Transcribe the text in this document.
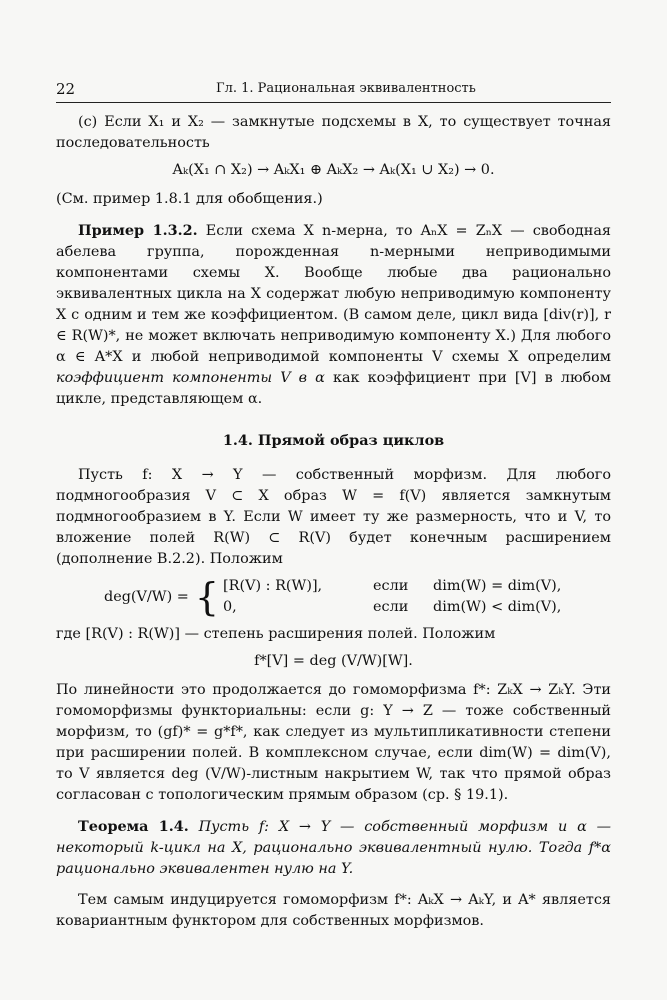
22	Гл. 1. Рациональная эквивалентность

(с) Если X₁ и X₂ — замкнутые подсхемы в X, то существует точная последовательность

Aₖ(X₁ ∩ X₂) → AₖX₁ ⊕ AₖX₂ → Aₖ(X₁ ∪ X₂) → 0.

(См. пример 1.8.1 для обобщения.)

Пример 1.3.2. Если схема X n-мерна, то AₙX = ZₙX — свободная абелева группа, порожденная n-мерными неприводимыми компонентами схемы X. Вообще любые два рационально эквивалентных цикла на X содержат любую неприводимую компоненту X с одним и тем же коэффициентом. (В самом деле, цикл вида [div(r)], r ∈ R(W)*, не может включать неприводимую компоненту X.) Для любого α ∈ A*X и любой неприводимой компоненты V схемы X определим коэффициент компоненты V в α как коэффициент при [V] в любом цикле, представляющем α.

1.4. Прямой образ циклов

Пусть f: X → Y — собственный морфизм. Для любого подмногообразия V ⊂ X образ W = f(V) является замкнутым подмногообразием в Y. Если W имеет ту же размерность, что и V, то вложение полей R(W) ⊂ R(V) будет конечным расширением (дополнение В.2.2). Положим

deg(V/W) = { [R(V) : R(W)],	если	dim(W) = dim(V),
0,	если	dim(W) < dim(V),

где [R(V) : R(W)] — степень расширения полей. Положим

f*[V] = deg (V/W)[W].

По линейности это продолжается до гомоморфизма f*: ZₖX → ZₖY. Эти гомоморфизмы функториальны: если g: Y → Z — тоже собственный морфизм, то (gf)* = g*f*, как следует из мультипликативности степени при расширении полей. В комплексном случае, если dim(W) = dim(V), то V является deg (V/W)-листным накрытием W, так что прямой образ согласован с топологическим прямым образом (ср. § 19.1).

Теорема 1.4. Пусть f: X → Y — собственный морфизм и α — некоторый k-цикл на X, рационально эквивалентный нулю. Тогда f*α рационально эквивалентен нулю на Y.

Тем самым индуцируется гомоморфизм f*: AₖX → AₖY, и A* является ковариантным функтором для собственных морфизмов.
